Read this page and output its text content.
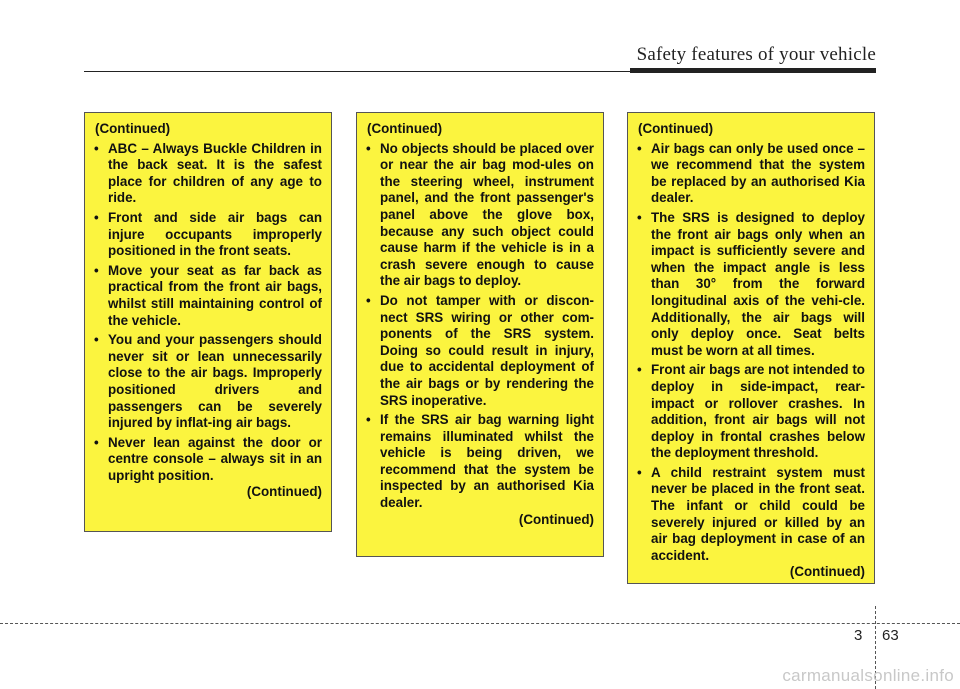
Safety features of your vehicle
(Continued)
• ABC – Always Buckle Children in the back seat. It is the safest place for children of any age to ride.
• Front and side air bags can injure occupants improperly positioned in the front seats.
• Move your seat as far back as practical from the front air bags, whilst still maintaining control of the vehicle.
• You and your passengers should never sit or lean unnecessarily close to the air bags. Improperly positioned drivers and passengers can be severely injured by inflat-ing air bags.
• Never lean against the door or centre console – always sit in an upright position.
(Continued)
(Continued)
• No objects should be placed over or near the air bag mod-ules on the steering wheel, instrument panel, and the front passenger's panel above the glove box, because any such object could cause harm if the vehicle is in a crash severe enough to cause the air bags to deploy.
• Do not tamper with or discon-nect SRS wiring or other com-ponents of the SRS system. Doing so could result in injury, due to accidental deployment of the air bags or by rendering the SRS inoperative.
• If the SRS air bag warning light remains illuminated whilst the vehicle is being driven, we recommend that the system be inspected by an authorised Kia dealer.
(Continued)
(Continued)
• Air bags can only be used once – we recommend that the system be replaced by an authorised Kia dealer.
• The SRS is designed to deploy the front air bags only when an impact is sufficiently severe and when the impact angle is less than 30° from the forward longitudinal axis of the vehi-cle. Additionally, the air bags will only deploy once. Seat belts must be worn at all times.
• Front air bags are not intended to deploy in side-impact, rear-impact or rollover crashes. In addition, front air bags will not deploy in frontal crashes below the deployment threshold.
• A child restraint system must never be placed in the front seat. The infant or child could be severely injured or killed by an air bag deployment in case of an accident.
(Continued)
3 63
carmanualsonline.info
